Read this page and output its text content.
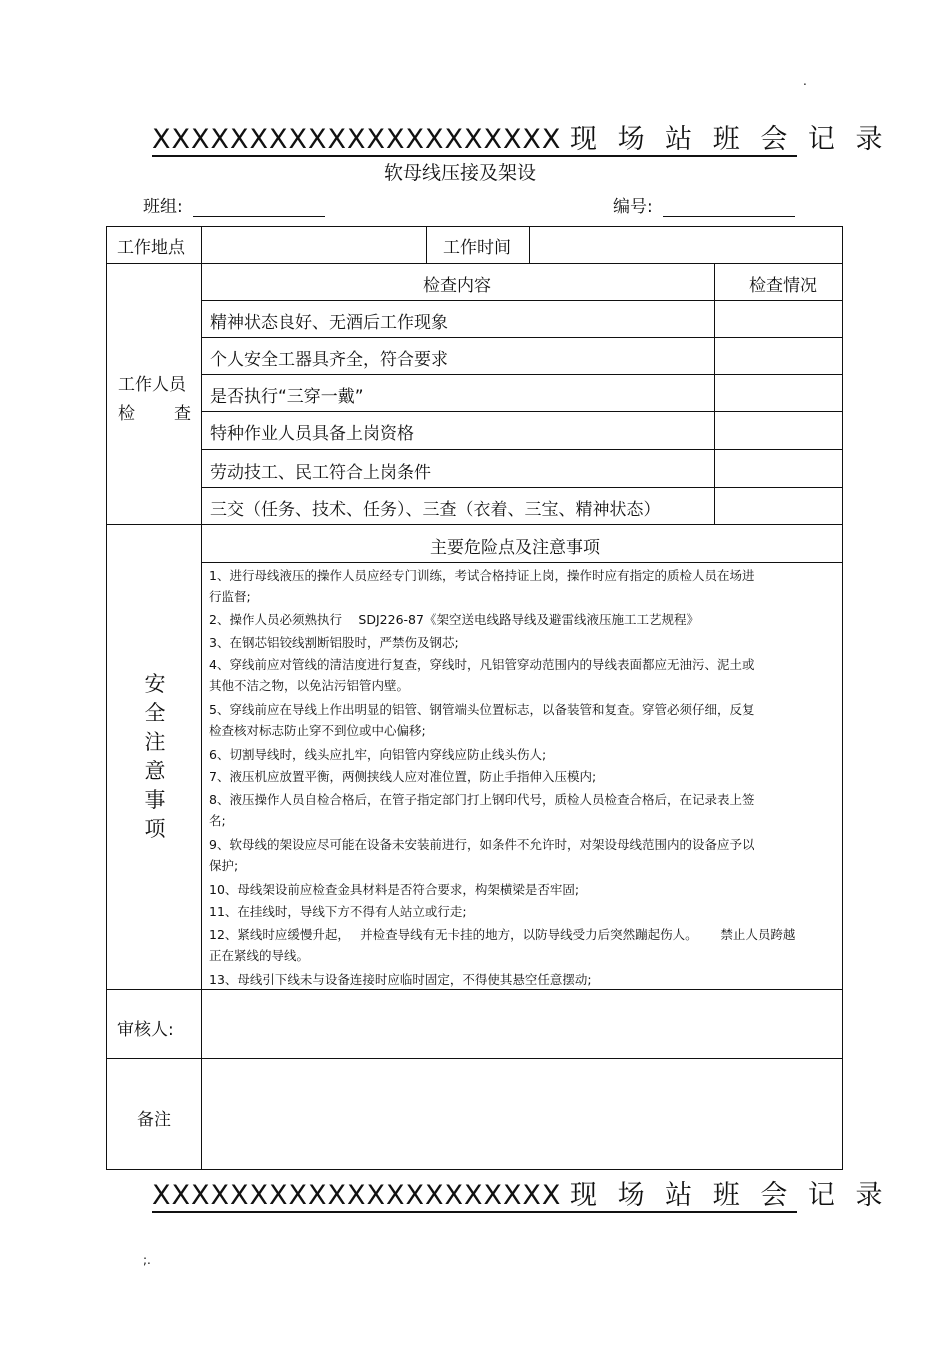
.
XXXXXXXXXXXXXXXXXXXXX 现 场 站 班 会 记 录
软母线压接及架设
班组:	编号:
工作地点	工作时间
工作人员
检 查
检查内容	检查情况
精神状态良好、无酒后工作现象
个人安全工器具齐全，符合要求
是否执行“三穿一戴”
特种作业人员具备上岗资格
劳动技工、民工符合上岗条件
三交（任务、技术、任务）、三查（衣着、三宝、精神状态）
安
全
注
意
事
项
主要危险点及注意事项
1、进行母线液压的操作人员应经专门训练，考试合格持证上岗，操作时应有指定的质检人员在场进
行监督;
2、操作人员必须熟执行　 SDJ226-87《架空送电线路导线及避雷线液压施工工艺规程》
3、在钢芯铝铰线割断铝股时，严禁伤及钢芯;
4、穿线前应对管线的清洁度进行复查，穿线时，凡铝管穿动范围内的导线表面都应无油污、泥土或
其他不洁之物，以免沾污铝管内壁。
5、穿线前应在导线上作出明显的铝管、钢管端头位置标志，以备装管和复查。穿管必须仔细，反复
检查核对标志防止穿不到位或中心偏移;
6、切割导线时，线头应扎牢，向铝管内穿线应防止线头伤人;
7、液压机应放置平衡，两侧挟线人应对准位置，防止手指伸入压模内;
8、液压操作人员自检合格后，在管子指定部门打上钢印代号，质检人员检查合格后，在记录表上签
名;
9、软母线的架设应尽可能在设备未安装前进行，如条件不允许时，对架设母线范围内的设备应予以
保护;
10、母线架设前应检查金具材料是否符合要求，构架横梁是否牢固;
11、在挂线时，导线下方不得有人站立或行走;
12、紧线时应缓慢升起，　 并检查导线有无卡挂的地方，以防导线受力后突然蹦起伤人。　　 禁止人员跨越
正在紧线的导线。
13、母线引下线未与设备连接时应临时固定，不得使其悬空任意摆动;
审核人:
备注
XXXXXXXXXXXXXXXXXXXXX 现 场 站 班 会 记 录
;.
